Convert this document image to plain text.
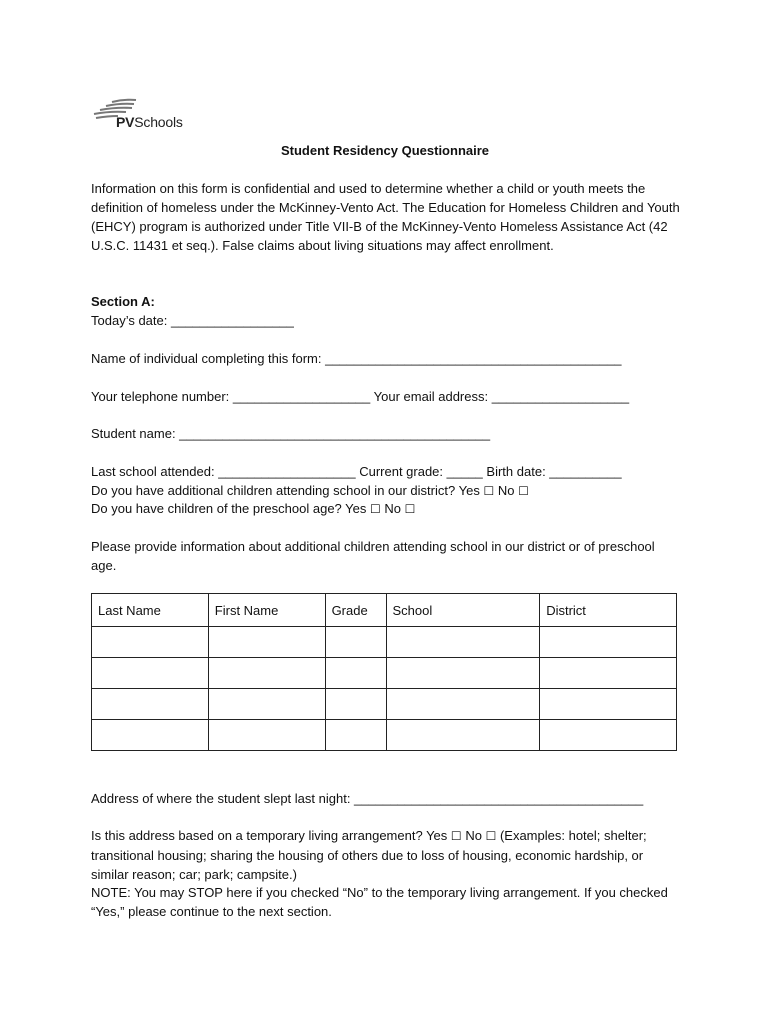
PVSchools
Student Residency Questionnaire
Information on this form is confidential and used to determine whether a child or youth meets the definition of homeless under the McKinney-Vento Act. The Education for Homeless Children and Youth (EHCY) program is authorized under Title VII-B of the McKinney-Vento Homeless Assistance Act (42 U.S.C. 11431 et seq.). False claims about living situations may affect enrollment.
Section A:
Today’s date: _________________
Name of individual completing this form: _________________________________________
Your telephone number: ___________________ Your email address: ___________________
Student name: ___________________________________________
Last school attended: ___________________ Current grade: _____ Birth date: __________
Do you have additional children attending school in our district? Yes ☐ No ☐
Do you have children of the preschool age? Yes ☐ No ☐
Please provide information about additional children attending school in our district or of preschool age.
Last Name	First Name	Grade	School	District

Address of where the student slept last night: ________________________________________
Is this address based on a temporary living arrangement? Yes ☐ No ☐ (Examples: hotel; shelter; transitional housing; sharing the housing of others due to loss of housing, economic hardship, or similar reason; car; park; campsite.)
NOTE: You may STOP here if you checked “No” to the temporary living arrangement. If you checked “Yes,” please continue to the next section.
